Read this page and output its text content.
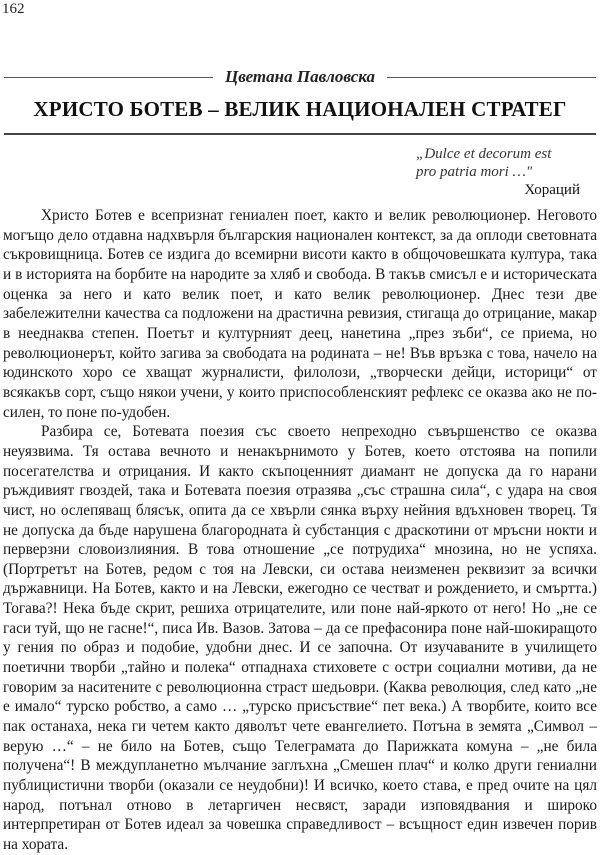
162
Цветана Павловска
ХРИСТО БОТЕВ – ВЕЛИК НАЦИОНАЛЕН СТРАТЕГ
„Dulce et decorum est
pro patria mori …"
Хораций

Христо Ботев е всепризнат гениален поет, както и велик революционер. Неговото могъщо дело отдавна надхвърля българския национален контекст, за да оплоди световната съкровищница. Ботев се издига до всемирни висоти както в общочовешката култура, така и в историята на борбите на народите за хляб и свобода. В такъв смисъл е и историческата оценка за него и като велик поет, и като велик революционер. Днес тези две забележителни качества са подложени на драстична ревизия, стигаща до отрицание, макар в нееднаква степен. Поетът и културният деец, нанетина „през зъби“, се приема, но революционерът, който загива за свободата на родината – не! Във връзка с това, начело на юдинското хоро се хващат журналисти, филолози, „творчески дейци, историци“ от всякакъв сорт, също някои учени, у които приспособленският рефлекс се оказва ако не по-силен, то поне по-удобен.

Разбира се, Ботевата поезия със своето непреходно съвършенство се оказва неуязвима. Тя остава вечното и ненакърнимото у Ботев, което отстоява на попили посегателства и отрицания. И както скъпоценният диамант не допуска да го нарани ръждивият гвоздей, така и Ботевата поезия отразява „със страшна сила“, с удара на своя чист, но ослепяващ блясък, опита да се хвърли сянка върху нейния вдъхновен творец. Тя не допуска да бъде нарушена благородната ѝ субстанция с драскотини от мръсни нокти и перверзни словоизлияния. В това отношение „се потрудиха“ мнозина, но не успяха. (Портретът на Ботев, редом с тоя на Левски, си остава неизменен реквизит за всички държавници. На Ботев, както и на Левски, ежегодно се честват и рождението, и смъртта.) Тогава?! Нека бъде скрит, решиха отрицателите, или поне най-яркото от него! Но „не се гаси туй, що не гасне!“, писа Ив. Вазов. Затова – да се префасонира поне най-шокиращото у гения по образ и подобие, удобни днес. И се започна. От изучаваните в училището поетични творби „тайно и полека“ отпаднаха стиховете с остри социални мотиви, да не говорим за наситените с революционна страст шедьоври. (Каква революция, след като „не е имало“ турско робство, а само … „турско присъствие“ пет века.) А творбите, които все пак останаха, нека ги четем както дяволът чете евангелието. Потъна в земята „Символ – верую …“ – не било на Ботев, също Телеграмата до Парижката комуна – „не била получена“! В междупланетно мълчание заглъхна „Смешен плач“ и колко други гениални публицистични творби (оказали се неудобни)! И всичко, което става, е пред очите на цял народ, потънал отново в летаргичен несвяст, заради изповядвания и широко интерпретиран от Ботев идеал за човешка справедливост – всъщност един извечен порив на хората.
